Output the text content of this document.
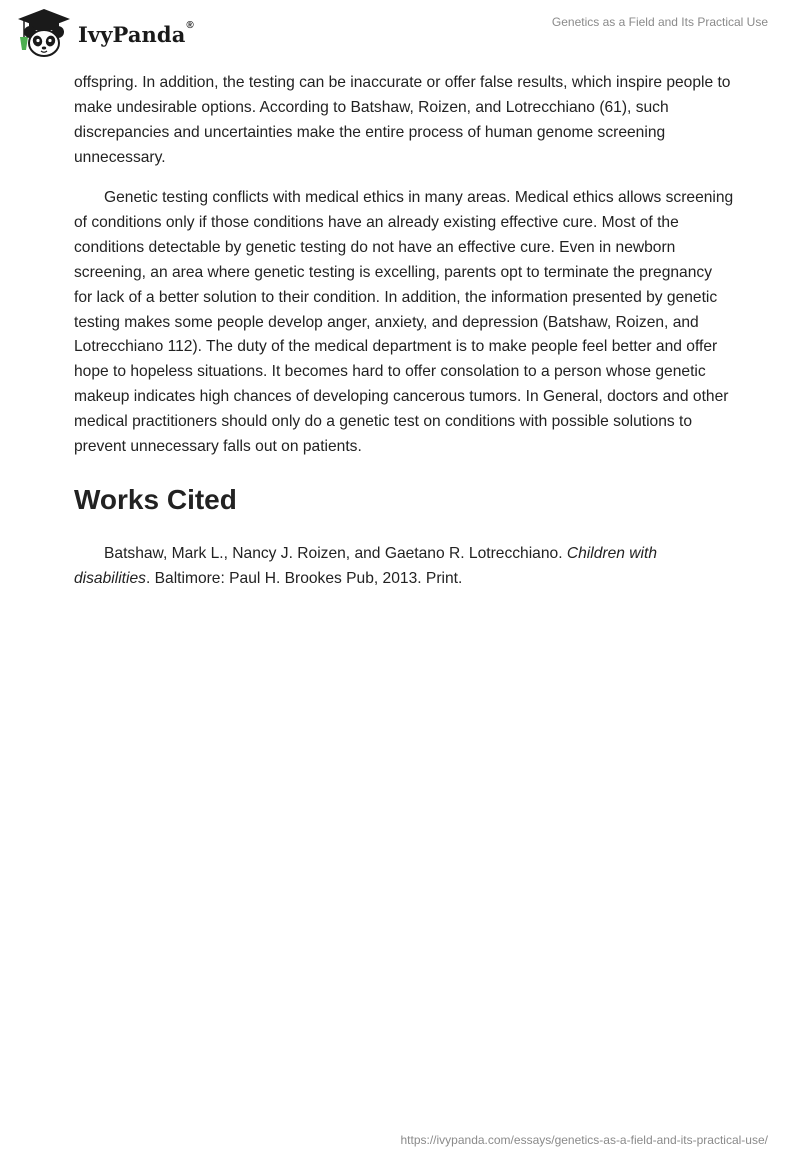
IvyPanda®	Genetics as a Field and Its Practical Use

offspring. In addition, the testing can be inaccurate or offer false results, which inspire people to make undesirable options. According to Batshaw, Roizen, and Lotrecchiano (61), such discrepancies and uncertainties make the entire process of human genome screening unnecessary.

Genetic testing conflicts with medical ethics in many areas. Medical ethics allows screening of conditions only if those conditions have an already existing effective cure. Most of the conditions detectable by genetic testing do not have an effective cure. Even in newborn screening, an area where genetic testing is excelling, parents opt to terminate the pregnancy for lack of a better solution to their condition. In addition, the information presented by genetic testing makes some people develop anger, anxiety, and depression (Batshaw, Roizen, and Lotrecchiano 112). The duty of the medical department is to make people feel better and offer hope to hopeless situations. It becomes hard to offer consolation to a person whose genetic makeup indicates high chances of developing cancerous tumors. In General, doctors and other medical practitioners should only do a genetic test on conditions with possible solutions to prevent unnecessary falls out on patients.

Works Cited

Batshaw, Mark L., Nancy J. Roizen, and Gaetano R. Lotrecchiano. Children with disabilities. Baltimore: Paul H. Brookes Pub, 2013. Print.

https://ivypanda.com/essays/genetics-as-a-field-and-its-practical-use/
